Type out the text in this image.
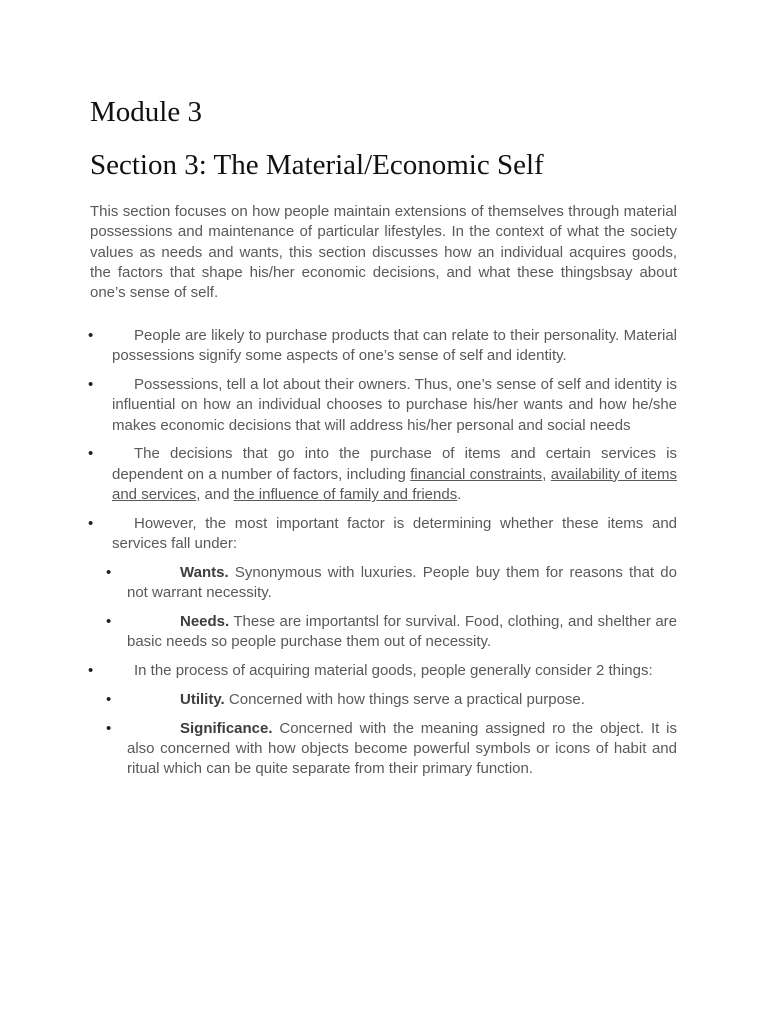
Module 3
Section 3: The Material/Economic Self

This section focuses on how people maintain extensions of themselves through material possessions and maintenance of particular lifestyles. In the context of what the society values as needs and wants, this section discusses how an individual acquires goods, the factors that shape his/her economic decisions, and what these thingsbsay about one’s sense of self.

•	People are likely to purchase products that can relate to their personality. Material possessions signify some aspects of one’s sense of self and identity.
•	Possessions, tell a lot about their owners. Thus, one’s sense of self and identity is influential on how an individual chooses to purchase his/her wants and how he/she makes economic decisions that will address his/her personal and social needs
•	The decisions that go into the purchase of items and certain services is dependent on a number of factors, including financial constraints, availability of items and services, and the influence of family and friends.
•	However, the most important factor is determining whether these items and services fall under:
•	Wants. Synonymous with luxuries. People buy them for reasons that do not warrant necessity.
•	Needs. These are importantsl for survival. Food, clothing, and shelther are basic needs so people purchase them out of necessity.
•	In the process of acquiring material goods, people generally consider 2 things:
•	Utility. Concerned with how things serve a practical purpose.
•	Significance. Concerned with the meaning assigned ro the object. It is also concerned with how objects become powerful symbols or icons of habit and ritual which can be quite separate from their primary function.
